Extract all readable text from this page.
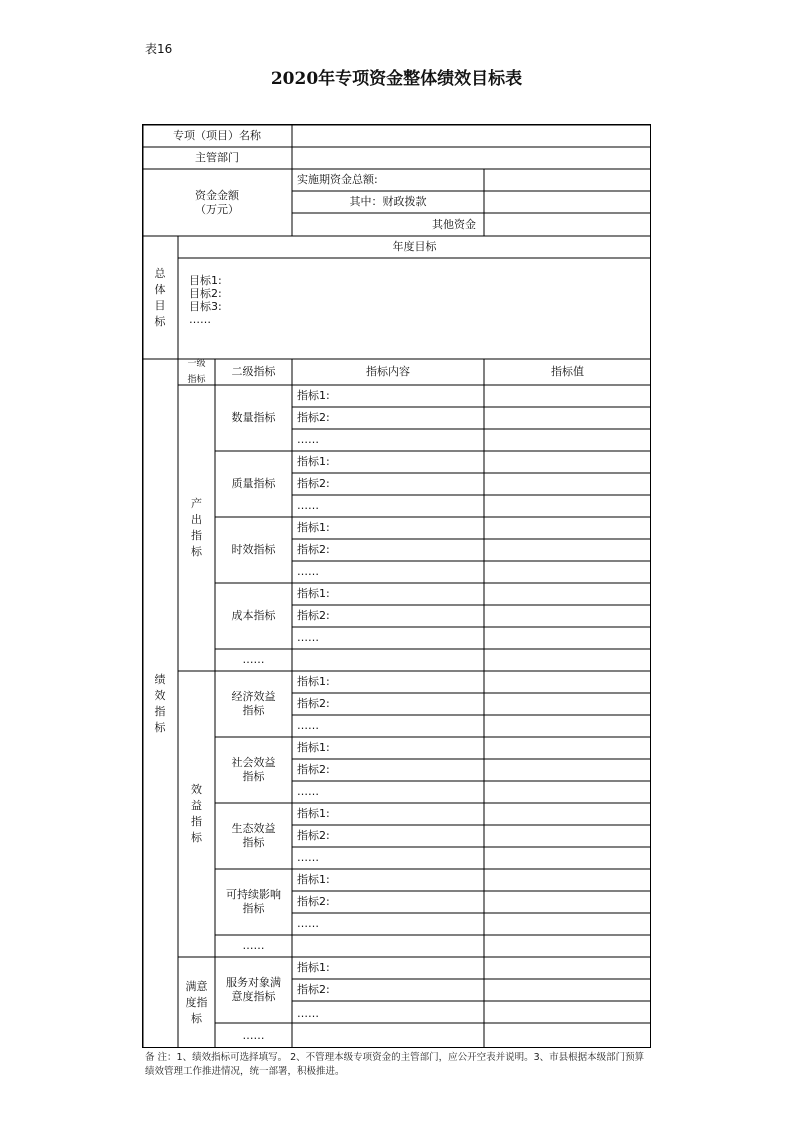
表16
2020年专项资金整体绩效目标表
专项（项目）名称
主管部门
资金金额
（万元）
实施期资金总额:
其中：财政拨款
其他资金
总体目标
年度目标
目标1:
目标2:
目标3:
……
绩效指标
一级指标
二级指标	指标内容	指标值
产出指标
效益指标
满意度指标
数量指标
质量指标
时效指标
成本指标
……
经济效益指标
社会效益指标
生态效益指标
可持续影响指标
……
服务对象满意度指标
……
指标1:
指标2:
……
指标1:
指标2:
……
指标1:
指标2:
……
指标1:
指标2:
……
指标1:
指标2:
……
指标1:
指标2:
……
指标1:
指标2:
……
指标1:
指标2:
……
指标1:
指标2:
……
备 注：1、绩效指标可选择填写。 2、不管理本级专项资金的主管部门，应公开空表并说明。3、市县根据本级部门预算绩效管理工作推进情况，统一部署，积极推进。
